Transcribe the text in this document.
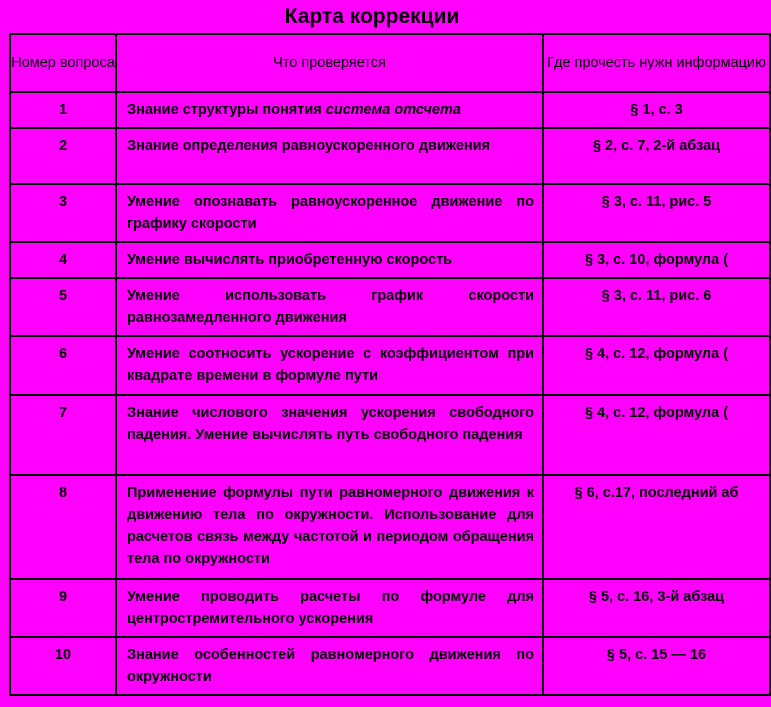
Карта коррекции
Номер вопроса	Что проверяется	Где прочесть нужн информацию
1	Знание структуры понятия система отсчета	§ 1, с. 3
2	Знание определения равноускоренного движения	§ 2, с. 7, 2-й абзац
3	Умение опознавать равноускоренное движение по графику скорости	§ 3, с. 11, рис. 5
4	Умение вычислять приобретенную скорость	§ 3, с. 10, формула (
5	Умение использовать график скорости равнозамедленного движения	§ 3, с. 11, рис. 6
6	Умение соотносить ускорение с коэффициентом при квадрате времени в формуле пути	§ 4, с. 12, формула (
7	Знание числового значения ускорения свободного падения. Умение вычислять путь свободного падения	§ 4, с. 12, формула (
8	Применение формулы пути равномерного движения к движению тела по окружности. Использование для расчетов связь между частотой и периодом обращения тела по окружности	§ 6, с.17, последний аб
9	Умение проводить расчеты по формуле для центростремительного ускорения	§ 5, с. 16, 3-й абзац
10	Знание особенностей равномерного движения по окружности	§ 5, с. 15 — 16
